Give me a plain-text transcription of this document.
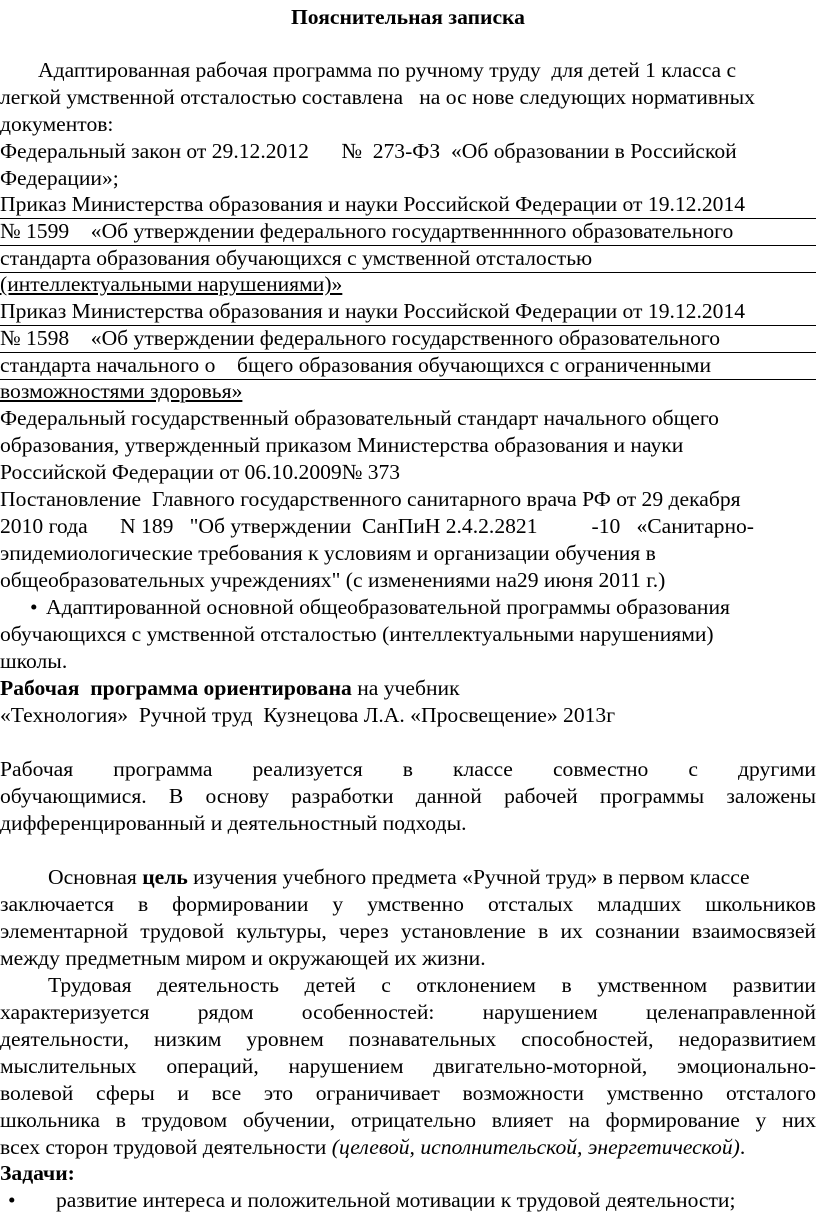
Пояснительная записка
Адаптированная рабочая программа по ручному труду  для детей 1 класса с
легкой умственной отсталостью составлена   на ос нове следующих нормативных
документов:
Федеральный закон от 29.12.2012      №  273-ФЗ  «Об образовании в Российской
Федерации»;
Приказ Министерства образования и науки Российской Федерации от 19.12.2014
№ 1599    «Об утверждении федерального государтвенннного образовательного
стандарта образования обучающихся с умственной отсталостью
(интеллектуальными нарушениями)»
Приказ Министерства образования и науки Российской Федерации от 19.12.2014
№ 1598    «Об утверждении федерального государственного образовательного
стандарта начального о    бщего образования обучающихся с ограниченными
возможностями здоровья»
Федеральный государственный образовательный стандарт начального общего
образования, утвержденный приказом Министерства образования и науки
Российской Федерации от 06.10.2009№ 373
Постановление  Главного государственного санитарного врача РФ от 29 декабря
2010 года      N 189   "Об утверждении  СанПиН 2.4.2.2821          -10   «Санитарно-
эпидемиологические требования к условиям и организации обучения в
общеобразовательных учреждениях" (с изменениями на29 июня 2011 г.)
Адаптированной основной общеобразовательной программы образования
•
обучающихся с умственной отсталостью (интеллектуальными нарушениями)
школы.
Рабочая  программа ориентирована на учебник
«Технология»  Ручной труд  Кузнецова Л.А. «Просвещение» 2013г
Рабочая программа реализуется в классе совместно с другими
обучающимися. В основу разработки данной рабочей программы заложены
дифференцированный и деятельностный подходы.
Основная цель изучения учебного предмета «Ручной труд» в первом классе
заключается в формировании у умственно отсталых младших школьников
элементарной трудовой культуры, через установление в их сознании взаимосвязей
между предметным миром и окружающей их жизни.
Трудовая деятельность детей с отклонением в умственном развитии
характеризуется рядом особенностей: нарушением целенаправленной
деятельности, низким уровнем познавательных способностей, недоразвитием
мыслительных операций, нарушением двигательно-моторной, эмоционально-
волевой сферы и все это ограничивает возможности умственно отсталого
школьника в трудовом обучении, отрицательно влияет на формирование у них
всех сторон трудовой деятельности (целевой, исполнительской, энергетической).
Задачи:
•	развитие интереса и положительной мотивации к трудовой деятельности;
